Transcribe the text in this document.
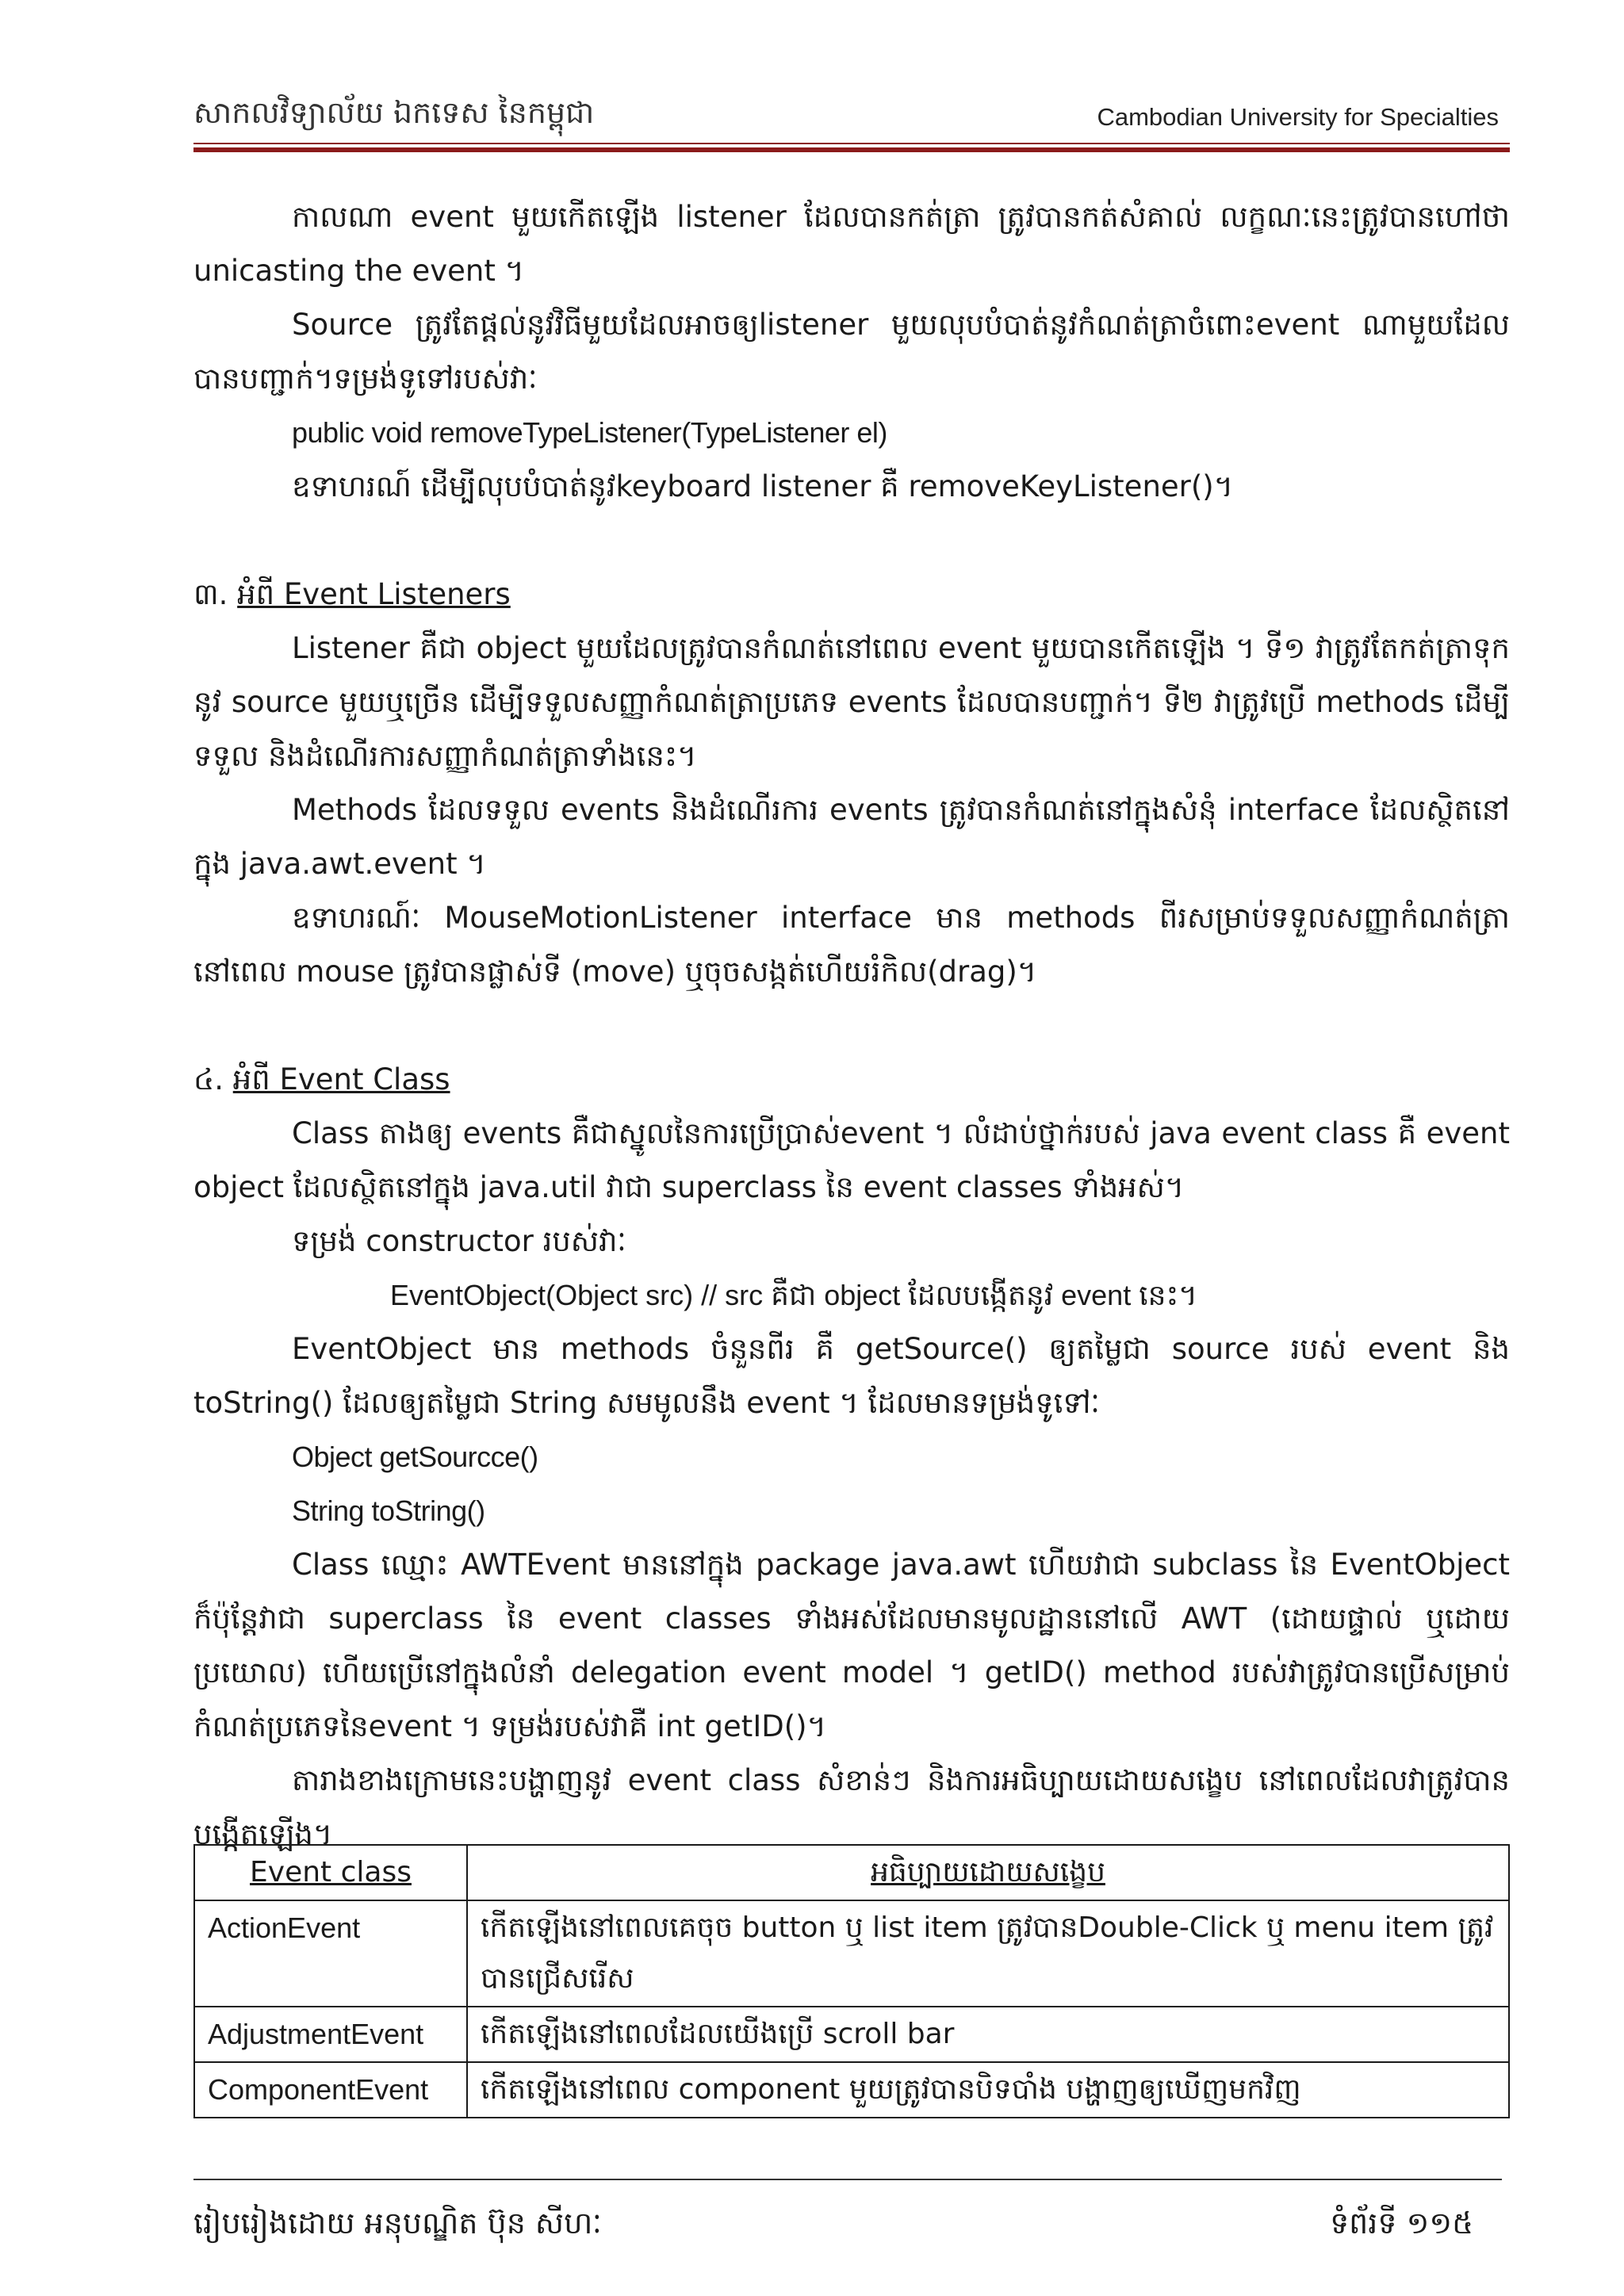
សាកលវិទ្យាល័យ ឯកទេស នៃកម្ពុជា	Cambodian University for Specialties

កាលណា event មួយកើតឡើង listener ដែលបានកត់ត្រា ត្រូវបានកត់សំគាល់ លក្ខណៈនេះត្រូវបានហៅថា unicasting the event ។

Source ត្រូវតែផ្តល់នូវវិធីមួយដែលអាចឲ្យlistener មួយលុបបំបាត់នូវកំណត់ត្រាចំពោះevent ណាមួយដែលបានបញ្ជាក់។ទម្រង់ទូទៅរបស់វាៈ

public void removeTypeListener(TypeListener el)

ឧទាហរណ៍ ដើម្បីលុបបំបាត់នូវkeyboard listener គឺ removeKeyListener()។

៣. អំពី Event Listeners

Listener គឺជា object មួយដែលត្រូវបានកំណត់នៅពេល event មួយបានកើតឡើង ។ ទី១ វាត្រូវតែកត់ត្រាទុកនូវ source មួយឬច្រើន ដើម្បីទទួលសញ្ញាកំណត់ត្រាប្រភេទ events ដែលបានបញ្ជាក់។ ទី២ វាត្រូវប្រើ methods ដើម្បីទទួល និងដំណើរការសញ្ញាកំណត់ត្រាទាំងនេះ។

Methods ដែលទទួល events និងដំណើរការ events ត្រូវបានកំណត់នៅក្នុងសំនុំ interface ដែលស្ថិតនៅក្នុង java.awt.event ។

ឧទាហរណ៍ៈ MouseMotionListener interface មាន methods ពីរសម្រាប់ទទួលសញ្ញាកំណត់ត្រានៅពេល mouse ត្រូវបានផ្លាស់ទី (move) ឬចុចសង្កត់ហើយរំកិល(drag)។

៤. អំពី Event Class

Class តាងឲ្យ events គឺជាស្នូលនៃការប្រើប្រាស់event ។ លំដាប់ថ្នាក់របស់ java event class គឺ event object ដែលស្ថិតនៅក្នុង java.util វាជា superclass នៃ event classes ទាំងអស់។

ទម្រង់ constructor របស់វាៈ

EventObject(Object src) // src គឺជា object ដែលបង្កើតនូវ event នេះ។

EventObject មាន methods ចំនួនពីរ គឺ getSource() ឲ្យតម្លៃជា source របស់ event និង toString() ដែលឲ្យតម្លៃជា String សមមូលនឹង event ។ ដែលមានទម្រង់ទូទៅៈ

Object getSourcce()

String toString()

Class ឈ្មោះ AWTEvent មាននៅក្នុង package java.awt ហើយវាជា subclass នៃ EventObject ក៏ប៉ុន្តែវាជា superclass នៃ event classes ទាំងអស់ដែលមានមូលដ្ឋាននៅលើ AWT (ដោយផ្ទាល់ ឬដោយប្រយោល) ហើយប្រើនៅក្នុងលំនាំ delegation event model ។ getID() method របស់វាត្រូវបានប្រើសម្រាប់កំណត់ប្រភេទនៃevent ។ ទម្រង់របស់វាគឺ int getID()។

តារាងខាងក្រោមនេះបង្ហាញនូវ event class សំខាន់ៗ និងការអធិប្បាយដោយសង្ខេប នៅពេលដែលវាត្រូវបានបង្កើតឡើង។

Event class	អធិប្បាយដោយសង្ខេប
ActionEvent	កើតឡើងនៅពេលគេចុច button ឬ list item ត្រូវបានDouble-Click ឬ menu item ត្រូវបានជ្រើសរើស
AdjustmentEvent	កើតឡើងនៅពេលដែលយើងប្រើ scroll bar
ComponentEvent	កើតឡើងនៅពេល component មួយត្រូវបានបិទបាំង បង្ហាញឲ្យឃើញមកវិញ
រៀបរៀងដោយ អនុបណ្ឌិត ប៊ុន សីហៈ	ទំព័រទី ១១៥
